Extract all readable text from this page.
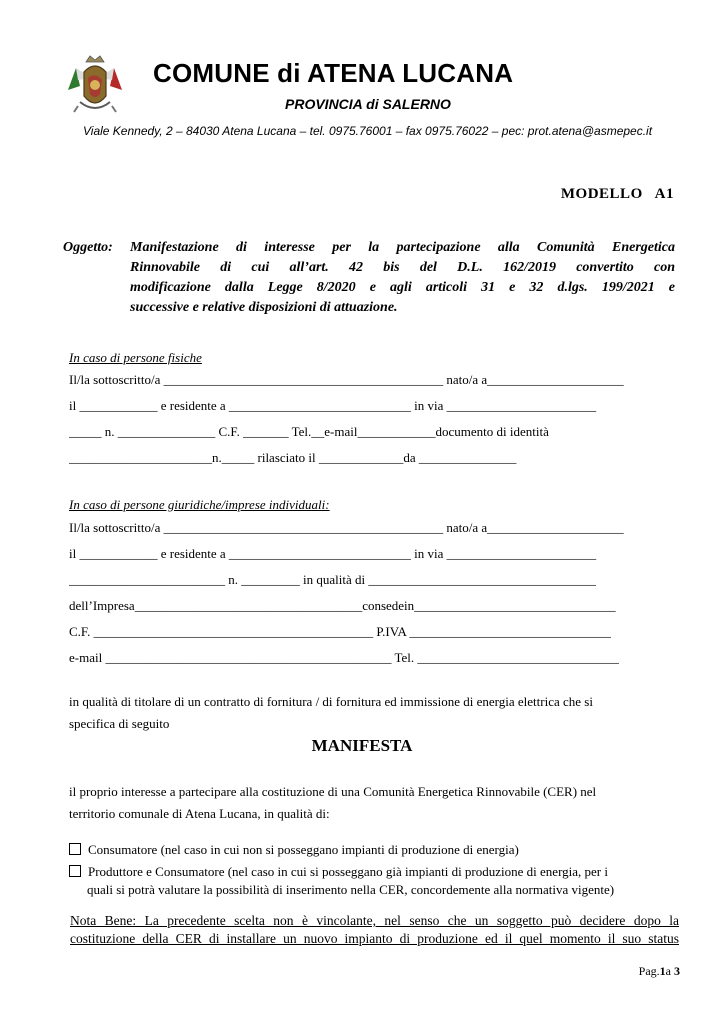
COMUNE di ATENA LUCANA
PROVINCIA di SALERNO
Viale Kennedy, 2 – 84030 Atena Lucana – tel. 0975.76001 – fax 0975.76022 – pec: prot.atena@asmepec.it
MODELLO   A1
Oggetto: Manifestazione di interesse per la partecipazione alla Comunità Energetica
Rinnovabile di cui all’art. 42 bis del D.L. 162/2019 convertito con
modificazione dalla Legge 8/2020 e agli articoli 31 e 32 d.lgs. 199/2021 e
successive e relative disposizioni di attuazione.
In caso di persone fisiche
Il/la sottoscritto/a ___________________________________________ nato/a a_____________________
il ____________ e residente a ____________________________ in via _______________________
_____ n. _______________ C.F. _______ Tel.__e-mail____________documento di identità
______________________n._____ rilasciato il _____________da _______________
In caso di persone giuridiche/imprese individuali:
Il/la sottoscritto/a ___________________________________________ nato/a a_____________________
il ____________ e residente a ____________________________ in via _______________________
________________________ n. _________ in qualità di ___________________________________
dell’Impresa___________________________________consedein_______________________________
C.F. ___________________________________________ P.IVA _______________________________
e-mail ____________________________________________ Tel. _______________________________
in qualità di titolare di un contratto di fornitura / di fornitura ed immissione di energia elettrica che si
specifica di seguito
MANIFESTA
il proprio interesse a partecipare alla costituzione di una Comunità Energetica Rinnovabile (CER) nel
territorio comunale di Atena Lucana, in qualità di:
Consumatore (nel caso in cui non si posseggano impianti di produzione di energia)
Produttore e Consumatore (nel caso in cui si posseggano già impianti di produzione di energia, per i
quali si potrà valutare la possibilità di inserimento nella CER, concordemente alla normativa vigente)
Nota Bene: La precedente scelta non è vincolante, nel senso che un soggetto può decidere dopo la
costituzione della CER di installare un nuovo impianto di produzione ed il quel momento il suo status
Pag.1a 3
